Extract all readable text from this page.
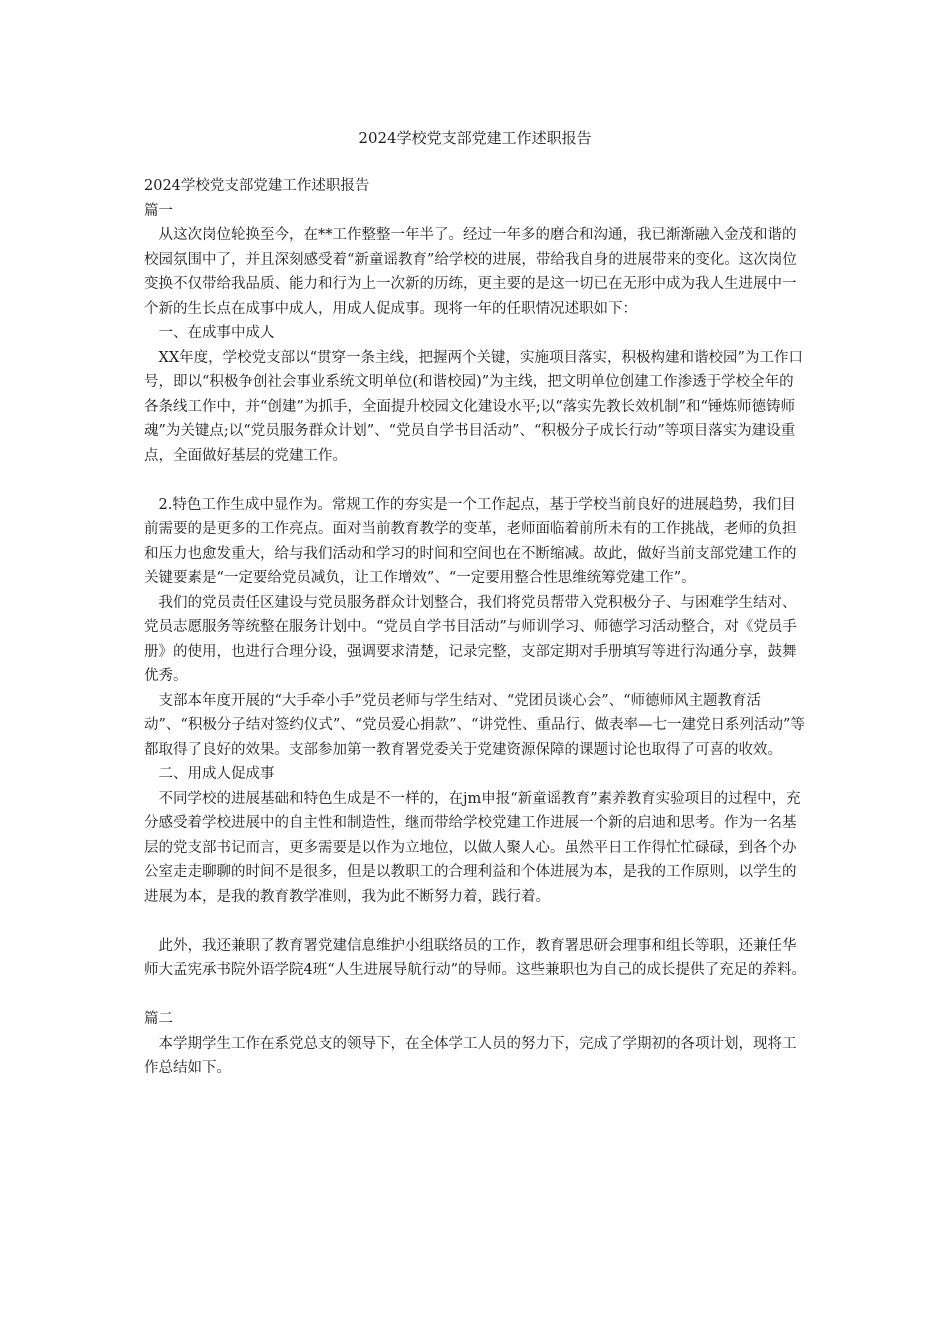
2024学校党支部党建工作述职报告

2024学校党支部党建工作述职报告

篇一

从这次岗位轮换至今，在**工作整整一年半了。经过一年多的磨合和沟通，我已渐渐融入金茂和谐的校园氛围中了，并且深刻感受着“新童谣教育”给学校的进展，带给我自身的进展带来的变化。这次岗位变换不仅带给我品质、能力和行为上一次新的历练，更主要的是这一切已在无形中成为我人生进展中一个新的生长点在成事中成人，用成人促成事。现将一年的任职情况述职如下：

一、在成事中成人

XX年度，学校党支部以“贯穿一条主线，把握两个关键，实施项目落实，积极构建和谐校园”为工作口号，即以“积极争创社会事业系统文明单位(和谐校园)”为主线，把文明单位创建工作渗透于学校全年的各条线工作中，并“创建”为抓手，全面提升校园文化建设水平;以“落实先教长效机制”和“锤炼师德铸师魂”为关键点;以“党员服务群众计划”、“党员自学书目活动”、“积极分子成长行动”等项目落实为建设重点，全面做好基层的党建工作。

2.特色工作生成中显作为。常规工作的夯实是一个工作起点，基于学校当前良好的进展趋势，我们目前需要的是更多的工作亮点。面对当前教育教学的变革，老师面临着前所未有的工作挑战，老师的负担和压力也愈发重大，给与我们活动和学习的时间和空间也在不断缩减。故此，做好当前支部党建工作的关键要素是“一定要给党员减负，让工作增效”、“一定要用整合性思维统筹党建工作”。

我们的党员责任区建设与党员服务群众计划整合，我们将党员帮带入党积极分子、与困难学生结对、党员志愿服务等统整在服务计划中。“党员自学书目活动”与师训学习、师德学习活动整合，对《党员手册》的使用，也进行合理分设，强调要求清楚，记录完整，支部定期对手册填写等进行沟通分享，鼓舞优秀。

支部本年度开展的“大手牵小手”党员老师与学生结对、“党团员谈心会”、“师德师风主题教育活动”、“积极分子结对签约仪式”、“党员爱心捐款”、“讲党性、重品行、做表率—七一建党日系列活动”等都取得了良好的效果。支部参加第一教育署党委关于党建资源保障的课题讨论也取得了可喜的收效。

二、用成人促成事

不同学校的进展基础和特色生成是不一样的，在jm申报“新童谣教育”素养教育实验项目的过程中，充分感受着学校进展中的自主性和制造性，继而带给学校党建工作进展一个新的启迪和思考。作为一名基层的党支部书记而言，更多需要是以作为立地位，以做人聚人心。虽然平日工作得忙忙碌碌，到各个办公室走走聊聊的时间不是很多，但是以教职工的合理利益和个体进展为本，是我的工作原则，以学生的进展为本，是我的教育教学准则，我为此不断努力着，践行着。

此外，我还兼职了教育署党建信息维护小组联络员的工作，教育署思研会理事和组长等职，还兼任华师大孟宪承书院外语学院4班“人生进展导航行动”的导师。这些兼职也为自己的成长提供了充足的养料。

篇二

本学期学生工作在系党总支的领导下，在全体学工人员的努力下，完成了学期初的各项计划，现将工作总结如下。
